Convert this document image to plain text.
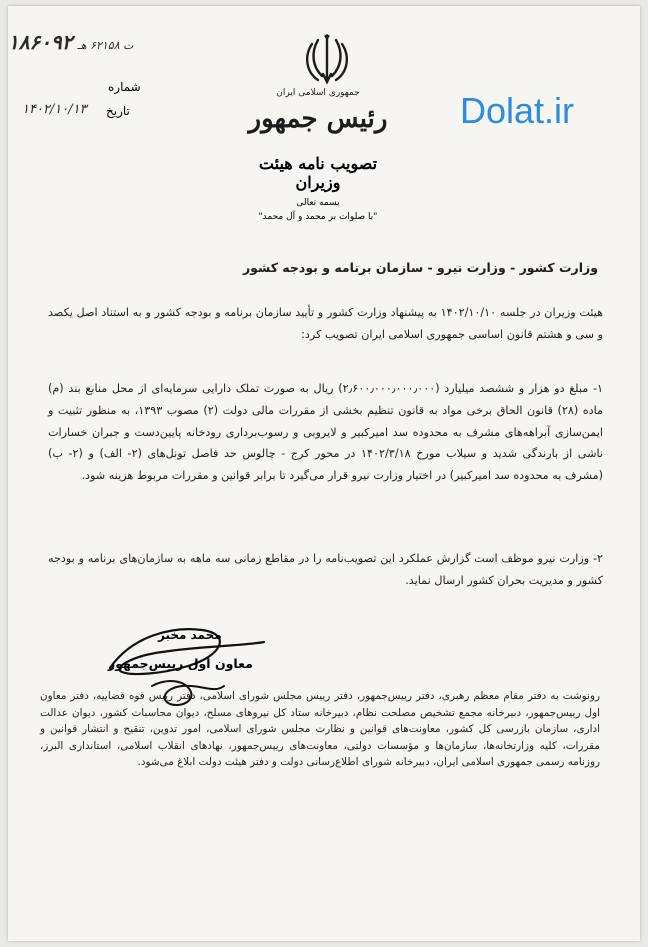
ت ۶۲۱۵۸ هـ ۱۸۶۰۹۲
شماره
تاریخ
۱۴۰۲/۱۰/۱۳
جمهوری اسلامی ایران
رئیس جمهور
تصویب نامه هیئت وزیران
بسمه تعالی
"با صلوات بر محمد و آل محمد"
Dolat.ir
وزارت کشور - وزارت نیرو - سازمان برنامه و بودجه کشور
هیئت وزیران در جلسه ۱۴۰۲/۱۰/۱۰ به پیشنهاد وزارت کشور و تأیید سازمان برنامه و بودجه کشور و به استناد اصل یکصد و سی و هشتم قانون اساسی جمهوری اسلامی ایران تصویب کرد:
۱- مبلغ دو هزار و ششصد میلیارد (۲٫۶۰۰٫۰۰۰٫۰۰۰٫۰۰۰) ریال به صورت تملک دارایی سرمایه‌ای از محل منابع بند (م) ماده (۲۸) قانون الحاق برخی مواد به قانون تنظیم بخشی از مقررات مالی دولت (۲) مصوب ۱۳۹۳، به منظور تثبیت و ایمن‌سازی آبراهه‌های مشرف به محدوده سد امیرکبیر و لایروبی و رسوب‌برداری رودخانه پایین‌دست و جبران خسارات ناشی از بارندگی شدید و سیلاب مورخ ۱۴۰۲/۳/۱۸ در محور کرج - چالوس حد فاصل تونل‌های (۲- الف) و (۲- ب) (مشرف به محدوده سد امیرکبیر) در اختیار وزارت نیرو قرار می‌گیرد تا برابر قوانین و مقررات مربوط هزینه شود.
۲- وزارت نیرو موظف است گزارش عملکرد این تصویب‌نامه را در مقاطع زمانی سه ماهه به سازمان‌های برنامه و بودجه کشور و مدیریت بحران کشور ارسال نماید.
محمد مخبر
معاون اول رییس‌جمهور
رونوشت به دفتر مقام معظم رهبری، دفتر رییس‌جمهور، دفتر رییس مجلس شورای اسلامی، دفتر رییس قوه قضاییه، دفتر معاون اول رییس‌جمهور، دبیرخانه مجمع تشخیص مصلحت نظام، دبیرخانه ستاد کل نیروهای مسلح، دیوان محاسبات کشور، دیوان عدالت اداری، سازمان بازرسی کل کشور، معاونت‌های قوانین و نظارت مجلس شورای اسلامی، امور تدوین، تنقیح و انتشار قوانین و مقررات، کلیه وزارتخانه‌ها، سازمان‌ها و مؤسسات دولتی، معاونت‌های رییس‌جمهور، نهادهای انقلاب اسلامی، استانداری البرز، روزنامه رسمی جمهوری اسلامی ایران، دبیرخانه شورای اطلاع‌رسانی دولت و دفتر هیئت دولت ابلاغ می‌شود.
